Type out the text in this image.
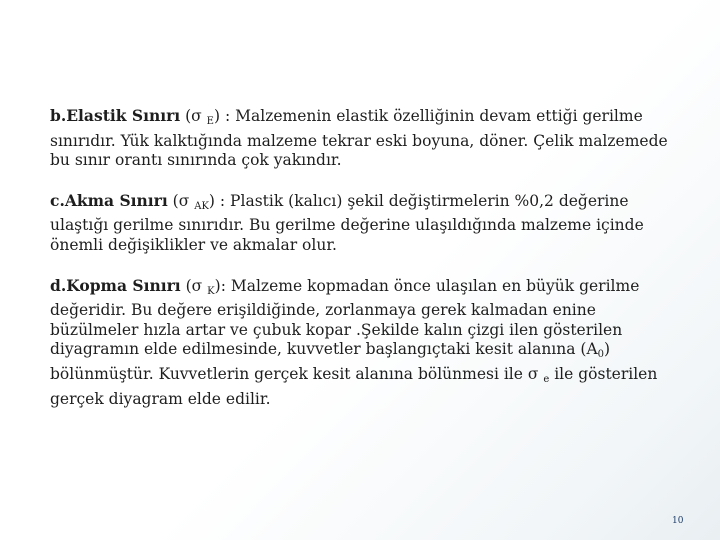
b.Elastik Sınırı (σ $_E$) : Malzemenin elastik özelliğinin devam ettiği gerilme sınırıdır. Yük kalktığında malzeme tekrar eski boyuna, döner. Çelik malzemede bu sınır orantı sınırında çok yakındır.

c.Akma Sınırı (σ $_{AK}$) : Plastik (kalıcı) şekil değiştirmelerin %0,2 değerine ulaştığı gerilme sınırıdır. Bu gerilme değerine ulaşıldığında malzeme içinde önemli değişiklikler ve akmalar olur.

d.Kopma Sınırı (σ $_K$): Malzeme kopmadan önce ulaşılan en büyük gerilme değeridir. Bu değere erişildiğinde, zorlanmaya gerek kalmadan enine büzülmeler hızla artar ve çubuk kopar .Şekilde kalın çizgi ilen gösterilen diyagramın elde edilmesinde, kuvvetler başlangıçtaki kesit alanına $(A_0)$ bölünmüştür. Kuvvetlerin gerçek kesit alanına bölünmesi ile σ $_e$ ile gösterilen gerçek diyagram elde edilir.

10
